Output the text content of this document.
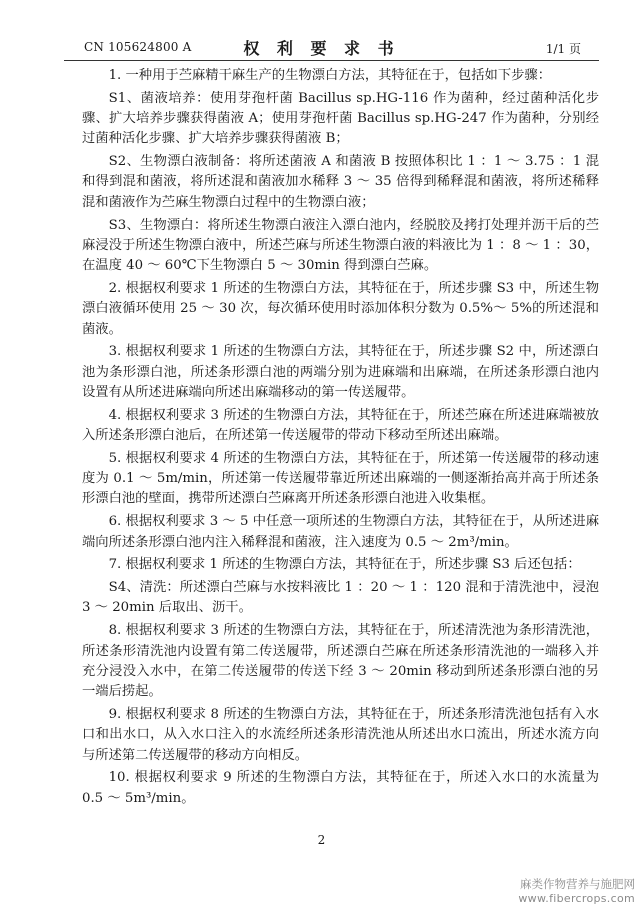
CN 105624800 A	权 利 要 求 书	1/1 页

1. 一种用于苎麻精干麻生产的生物漂白方法，其特征在于，包括如下步骤：

S1、菌液培养：使用芽孢杆菌 Bacillus sp.HG-116 作为菌种，经过菌种活化步骤、扩大培养步骤获得菌液 A；使用芽孢杆菌 Bacillus sp.HG-247 作为菌种，分别经过菌种活化步骤、扩大培养步骤获得菌液 B；

S2、生物漂白液制备：将所述菌液 A 和菌液 B 按照体积比 1 ：1 ～ 3.75 ：1 混和得到混和菌液，将所述混和菌液加水稀释 3 ～ 35 倍得到稀释混和菌液，将所述稀释混和菌液作为苎麻生物漂白过程中的生物漂白液；

S3、生物漂白：将所述生物漂白液注入漂白池内，经脱胶及拷打处理并沥干后的苎麻浸没于所述生物漂白液中，所述苎麻与所述生物漂白液的料液比为 1 ：8 ～ 1 ：30，在温度 40 ～ 60℃下生物漂白 5 ～ 30min 得到漂白苎麻。

2. 根据权利要求 1 所述的生物漂白方法，其特征在于，所述步骤 S3 中，所述生物漂白液循环使用 25 ～ 30 次，每次循环使用时添加体积分数为 0.5%～ 5%的所述混和菌液。

3. 根据权利要求 1 所述的生物漂白方法，其特征在于，所述步骤 S2 中，所述漂白池为条形漂白池，所述条形漂白池的两端分别为进麻端和出麻端，在所述条形漂白池内设置有从所述进麻端向所述出麻端移动的第一传送履带。

4. 根据权利要求 3 所述的生物漂白方法，其特征在于，所述苎麻在所述进麻端被放入所述条形漂白池后，在所述第一传送履带的带动下移动至所述出麻端。

5. 根据权利要求 4 所述的生物漂白方法，其特征在于，所述第一传送履带的移动速度为 0.1 ～ 5m/min，所述第一传送履带靠近所述出麻端的一侧逐渐抬高并高于所述条形漂白池的壁面，携带所述漂白苎麻离开所述条形漂白池进入收集框。

6. 根据权利要求 3 ～ 5 中任意一项所述的生物漂白方法，其特征在于，从所述进麻端向所述条形漂白池内注入稀释混和菌液，注入速度为 0.5 ～ 2m³/min。

7. 根据权利要求 1 所述的生物漂白方法，其特征在于，所述步骤 S3 后还包括：

S4、清洗：所述漂白苎麻与水按料液比 1 ：20 ～ 1 ：120 混和于清洗池中，浸泡 3 ～ 20min 后取出、沥干。

8. 根据权利要求 3 所述的生物漂白方法，其特征在于，所述清洗池为条形清洗池，所述条形清洗池内设置有第二传送履带，所述漂白苎麻在所述条形清洗池的一端移入并充分浸没入水中，在第二传送履带的传送下经 3 ～ 20min 移动到所述条形漂白池的另一端后捞起。

9. 根据权利要求 8 所述的生物漂白方法，其特征在于，所述条形清洗池包括有入水口和出水口，从入水口注入的水流经所述条形清洗池从所述出水口流出，所述水流方向与所述第二传送履带的移动方向相反。

10. 根据权利要求 9 所述的生物漂白方法，其特征在于，所述入水口的水流量为 0.5 ～ 5m³/min。

2
麻类作物营养与施肥网
www.fibercrops.com
